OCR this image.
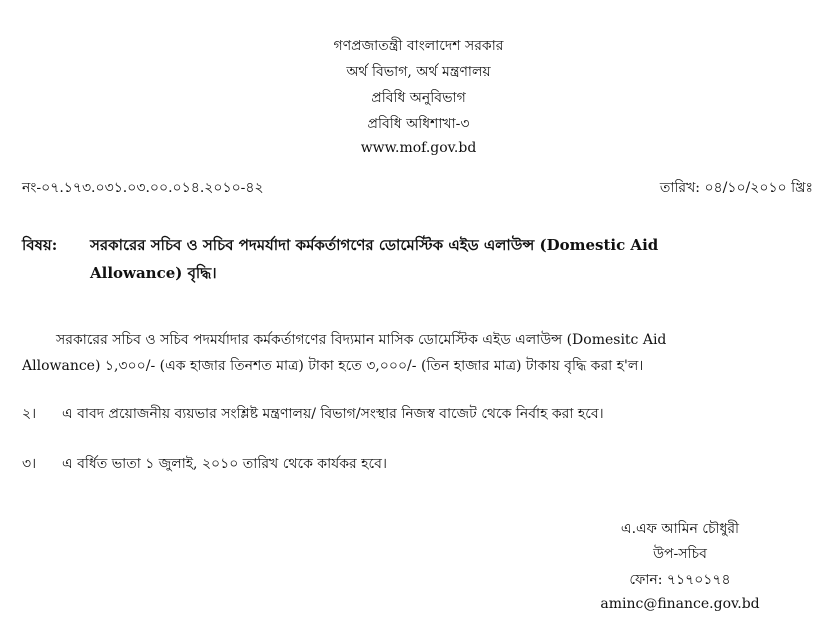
গণপ্রজাতন্ত্রী বাংলাদেশ সরকার
অর্থ বিভাগ, অর্থ মন্ত্রণালয়
প্রবিধি অনুবিভাগ
প্রবিধি অধিশাখা-৩
www.mof.gov.bd
নং-০৭.১৭৩.০৩১.০৩.০০.০১৪.২০১০-৪২	তারিখ: ০৪/১০/২০১০ খ্রিঃ
বিষয়: সরকারের সচিব ও সচিব পদমর্যাদা কর্মকর্তাগণের ডোমেস্টিক এইড এলাউন্স (Domestic Aid
Allowance) বৃদ্ধি।
সরকারের সচিব ও সচিব পদমর্যাদার কর্মকর্তাগণের বিদ্যমান মাসিক ডোমেস্টিক এইড এলাউন্স (Domesitc Aid
Allowance) ১,৩০০/- (এক হাজার তিনশত মাত্র) টাকা হতে ৩,০০০/- (তিন হাজার মাত্র) টাকায় বৃদ্ধি করা হ'ল।
২। এ বাবদ প্রয়োজনীয় ব্যয়ভার সংশ্লিষ্ট মন্ত্রণালয়/ বিভাগ/সংস্থার নিজস্ব বাজেট থেকে নির্বাহ করা হবে।
৩। এ বর্ধিত ভাতা ১ জুলাই, ২০১০ তারিখ থেকে কার্যকর হবে।
এ.এফ আমিন চৌধুরী
উপ-সচিব
ফোন: ৭১৭০১৭৪
aminc@finance.gov.bd
